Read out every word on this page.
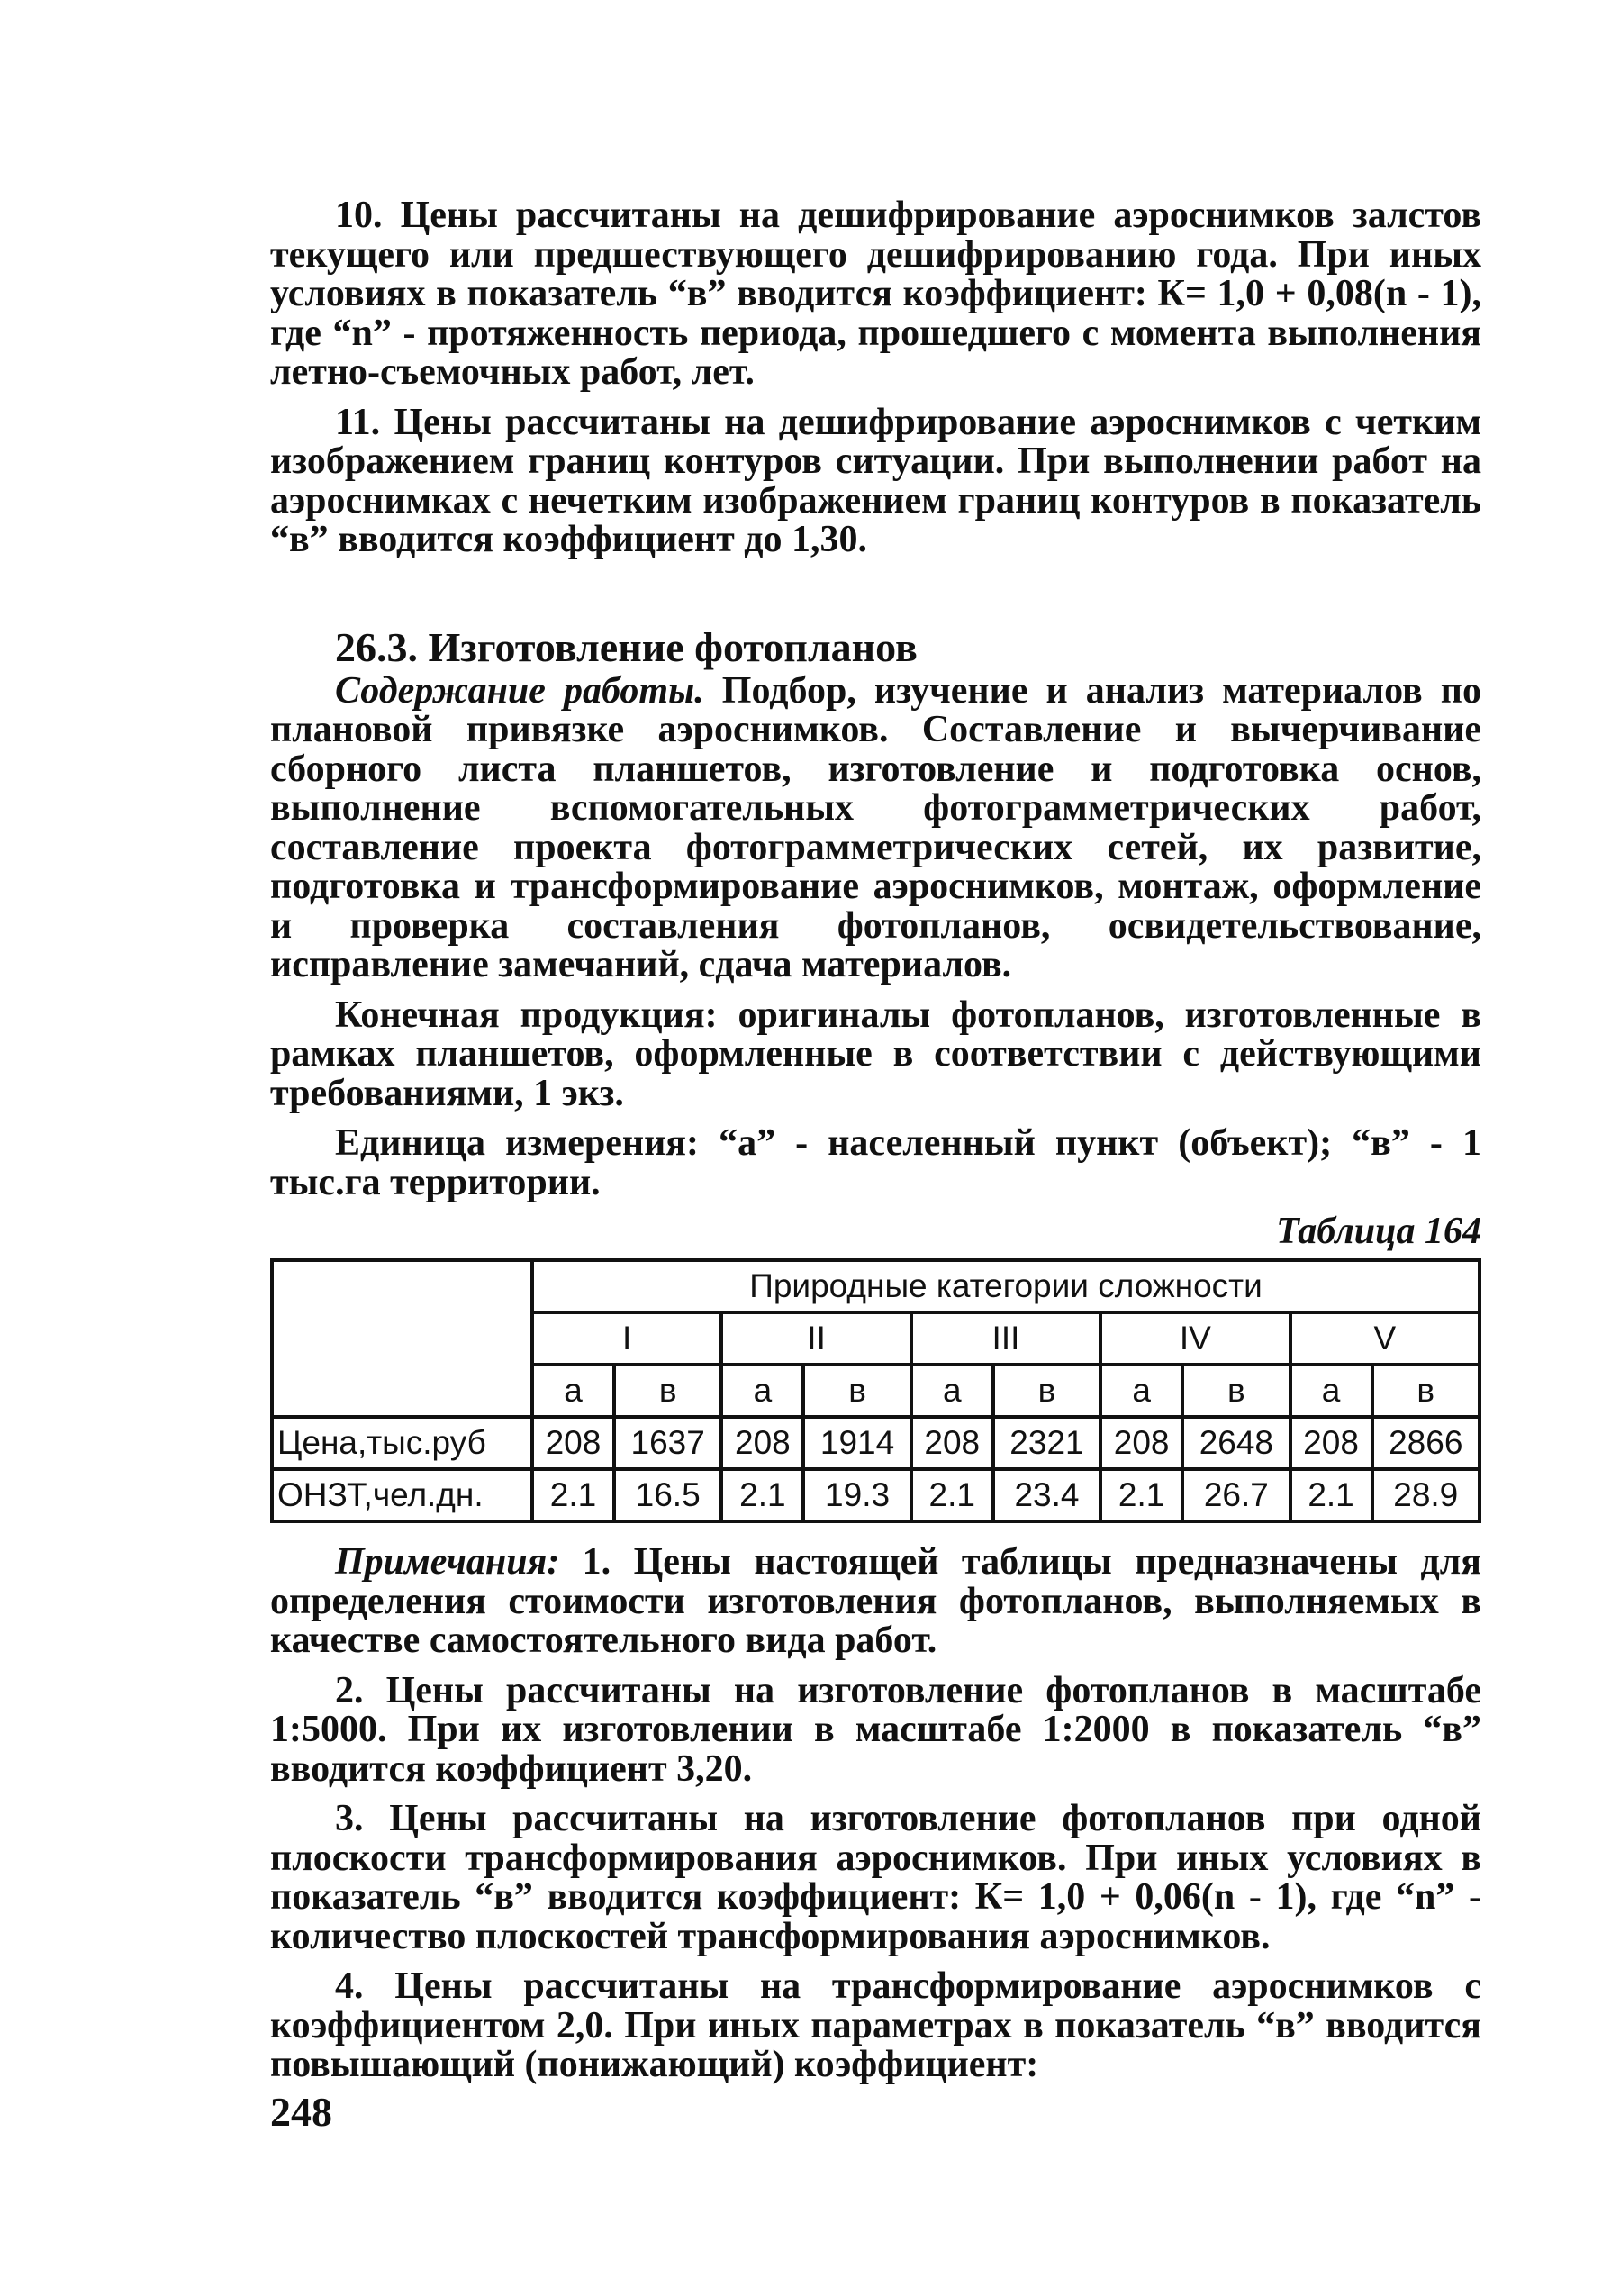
10. Цены рассчитаны на дешифрирование аэроснимков залстов текущего или предшествующего дешифрированию года. При иных условиях в показатель “в” вводится коэффициент: К= 1,0 + 0,08(n - 1), где “n” - протяженность периода, прошедшего с момента выполнения летно-съемочных работ, лет.

11. Цены рассчитаны на дешифрирование аэроснимков с четким изображением границ контуров ситуации. При выполнении работ на аэроснимках с нечетким изображением границ контуров в показатель “в” вводится коэффициент до 1,30.

26.3. Изготовление фотопланов

Содержание работы. Подбор, изучение и анализ материалов по плановой привязке аэроснимков. Составление и вычерчивание сборного листа планшетов, изготовление и подготовка основ, выполнение вспомогательных фотограмметрических работ, составление проекта фотограмметрических сетей, их развитие, подготовка и трансформирование аэроснимков, монтаж, оформление и проверка составления фотопланов, освидетельствование, исправление замечаний, сдача материалов.

Конечная продукция: оригиналы фотопланов, изготовленные в рамках планшетов, оформленные в соответствии с действующими требованиями, 1 экз.

Единица измерения: “а” - населенный пункт (объект); “в” - 1 тыс.га территории.

Таблица 164
	Природные категории сложности									
	I		II		III		IV		V	
	а	в	а	в	а	в	а	в	а	в
Цена,тыс.руб	208	1637	208	1914	208	2321	208	2648	208	2866
ОНЗТ,чел.дн.	2.1	16.5	2.1	19.3	2.1	23.4	2.1	26.7	2.1	28.9

Примечания: 1. Цены настоящей таблицы предназначены для определения стоимости изготовления фотопланов, выполняемых в качестве самостоятельного вида работ.

2. Цены рассчитаны на изготовление фотопланов в масштабе 1:5000. При их изготовлении в масштабе 1:2000 в показатель “в” вводится коэффициент 3,20.

3. Цены рассчитаны на изготовление фотопланов при одной плоскости трансформирования аэроснимков. При иных условиях в показатель “в” вводится коэффициент: К= 1,0 + 0,06(n - 1), где “n” - количество плоскостей трансформирования аэроснимков.

4. Цены рассчитаны на трансформирование аэроснимков с коэффициентом 2,0. При иных параметрах в показатель “в” вводится повышающий (понижающий) коэффициент:

248
